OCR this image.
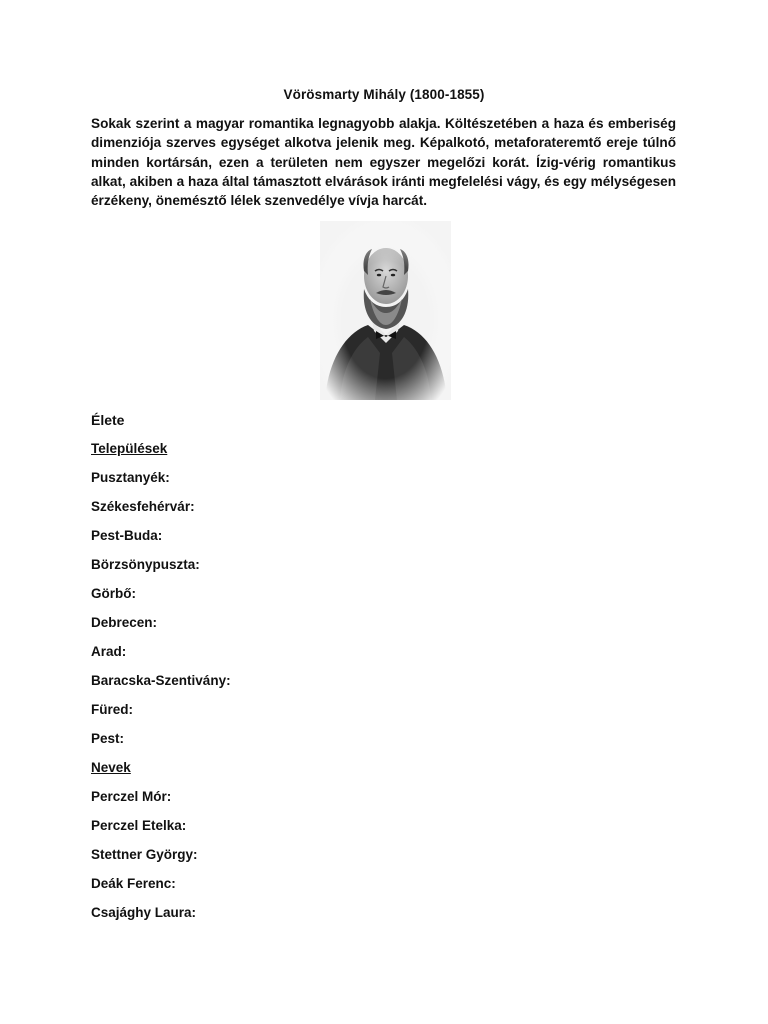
Vörösmarty Mihály (1800-1855)
Sokak szerint a magyar romantika legnagyobb alakja. Költészetében a haza és emberiség dimenziója szerves egységet alkotva jelenik meg. Képalkotó, metaforateremtő ereje túlnő minden kortársán, ezen a területen nem egyszer megelőzi korát. Ízig-vérig romantikus alkat, akiben a haza által támasztott elvárások iránti megfelelési vágy, és egy mélységesen érzékeny, önemésztő lélek szenvedélye vívja harcát.
Élete
Települések
Pusztanyék:
Székesfehérvár:
Pest-Buda:
Börzsönypuszta:
Görbő:
Debrecen:
Arad:
Baracska-Szentivány:
Füred:
Pest:
Nevek
Perczel Mór:
Perczel Etelka:
Stettner György:
Deák Ferenc:
Csajághy Laura:
